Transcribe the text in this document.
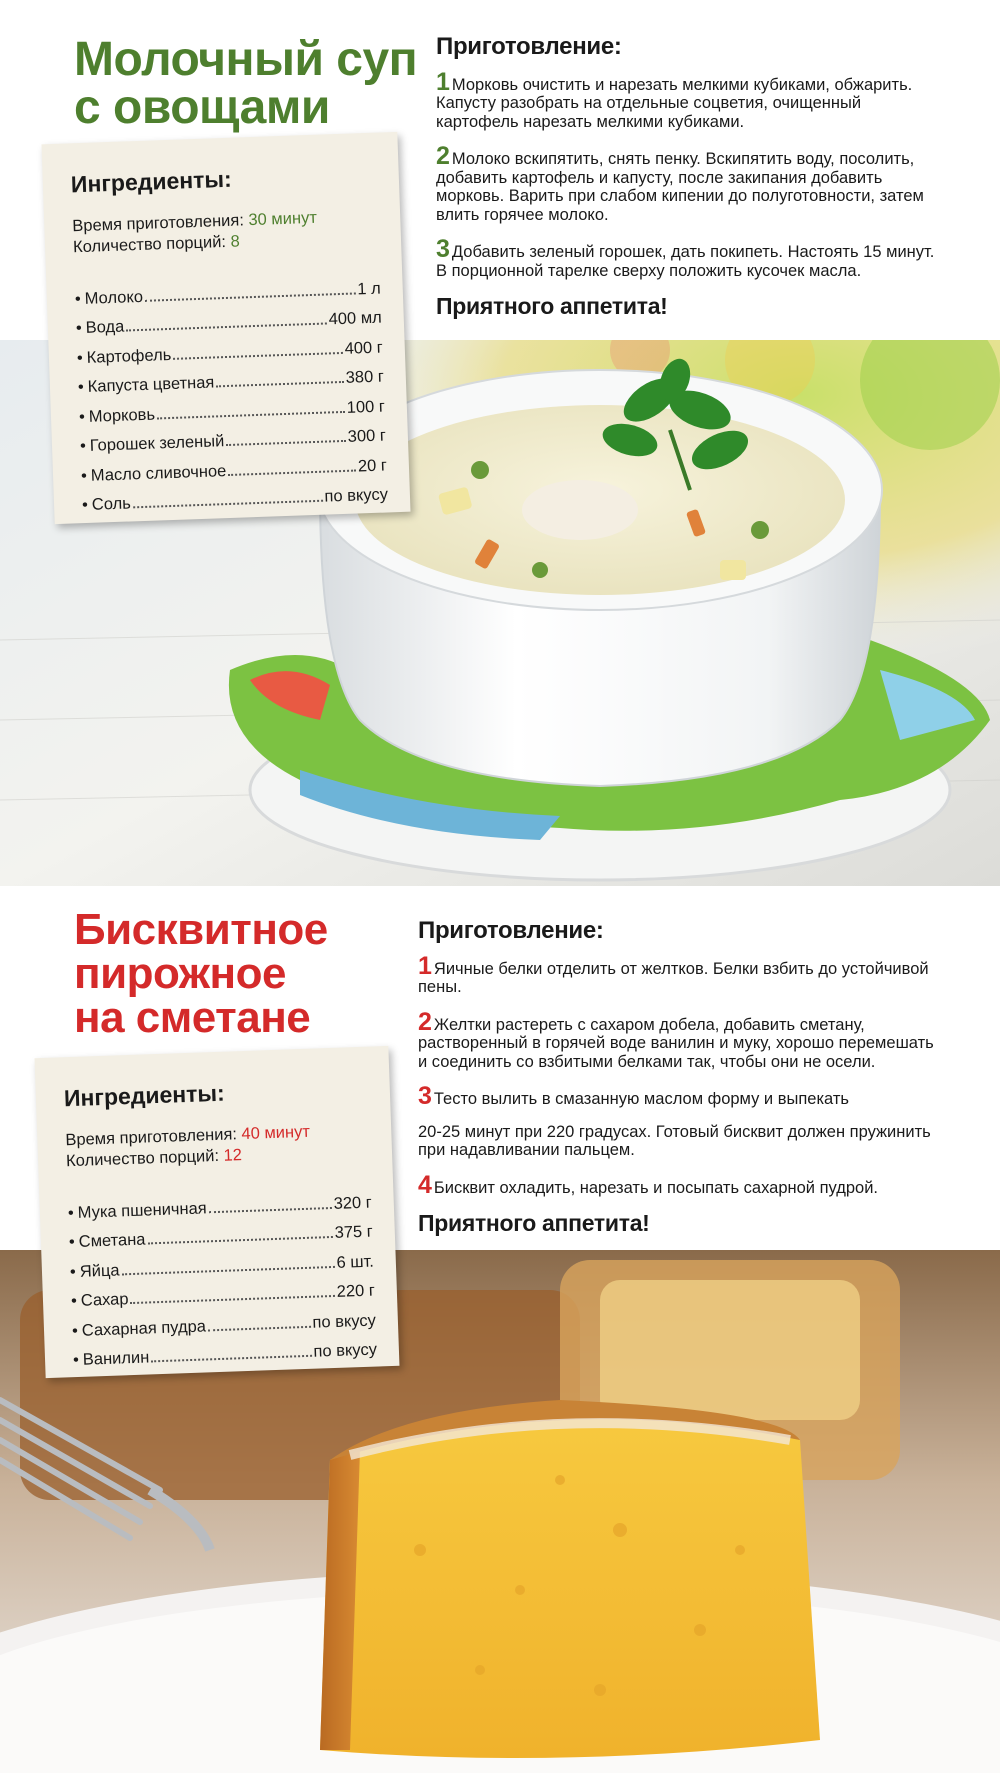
Молочный суп
с овощами
Приготовление:
1 Морковь очистить и нарезать мелкими кубиками, обжарить. Капусту разобрать на отдельные соцветия, очищенный картофель нарезать мелкими кубиками.
2 Молоко вскипятить, снять пенку. Вскипятить воду, посолить, добавить картофель и капусту, после закипания добавить морковь. Варить при слабом кипении до полуготовности, затем влить горячее молоко.
3 Добавить зеленый горошек, дать покипеть. Настоять 15 минут. В порционной тарелке сверху положить кусочек масла.
Приятного аппетита!
Ингредиенты:
Время приготовления: 30 минут
Количество порций: 8
• Молоко	1 л
• Вода	400 мл
• Картофель	400 г
• Капуста цветная	380 г
• Морковь	100 г
• Горошек зеленый	300 г
• Масло сливочное	20 г
• Соль	по вкусу
Бисквитное
пирожное
на сметане
Приготовление:
1 Яичные белки отделить от желтков. Белки взбить до устойчивой пены.
2 Желтки растереть с сахаром добела, добавить сметану, растворенный в горячей воде ванилин и муку, хорошо перемешать и соединить со взбитыми белками так, чтобы они не осели.
3 Тесто вылить в смазанную маслом форму и выпекать
20-25 минут при 220 градусах. Готовый бисквит должен пружинить при надавливании пальцем.
4 Бисквит охладить, нарезать и посыпать сахарной пудрой.
Приятного аппетита!
Ингредиенты:
Время приготовления: 40 минут
Количество порций: 12
• Мука пшеничная	320 г
• Сметана	375 г
• Яйца	6 шт.
• Сахар	220 г
• Сахарная пудра	по вкусу
• Ванилин	по вкусу
